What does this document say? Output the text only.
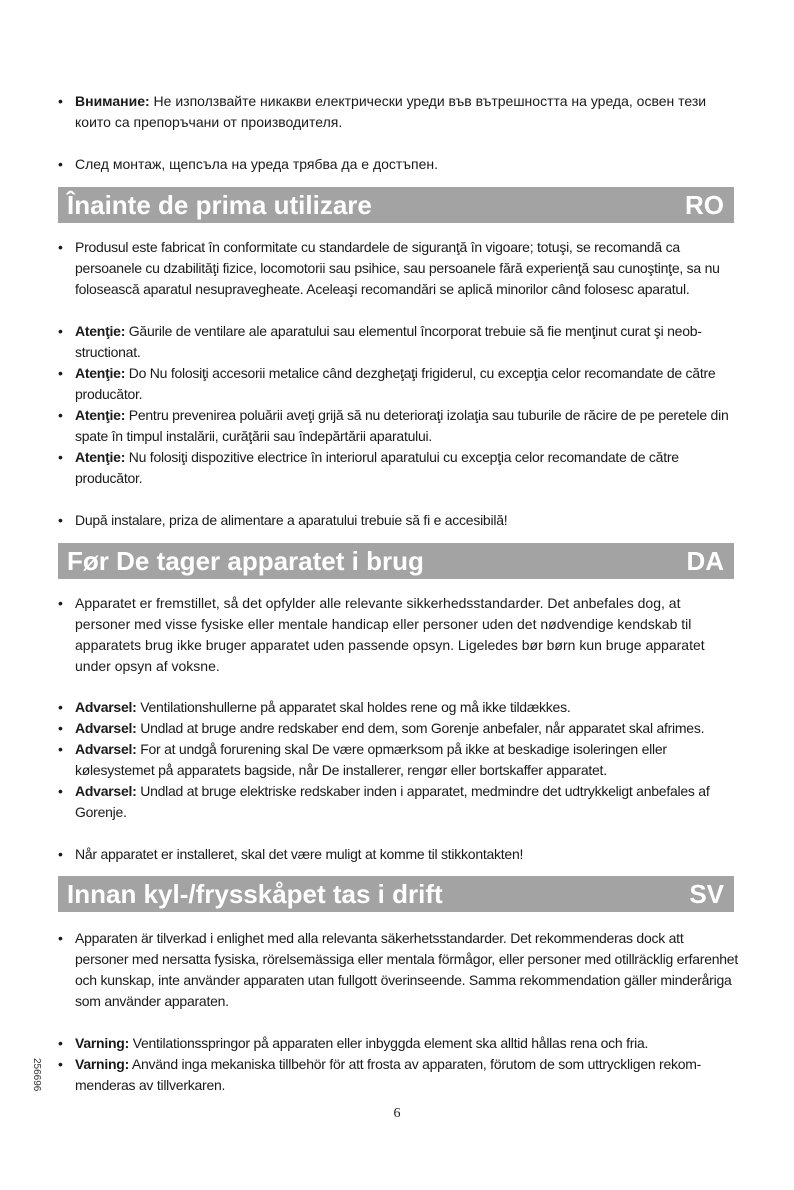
• Внимание: Не използвайте никакви електрически уреди във вътрешността на уреда, освен тези които са препоръчани от производителя.
• След монтаж, щепсъла на уреда трябва да е достъпен.
Înainte de prima utilizare	RO
• Produsul este fabricat în conformitate cu standardele de siguranţă în vigoare; totuşi, se recomandă ca persoanele cu dzabilităţi fizice, locomotorii sau psihice, sau persoanele fără experienţă sau cunoştinţe, sa nu folosească aparatul nesupravegheate. Aceleaşi recomandări se aplică minorilor când folosesc aparatul.
• Atenţie: Găurile de ventilare ale aparatului sau elementul încorporat trebuie să fie menţinut curat şi neob-structionat.
• Atenţie: Do Nu folosiţi accesorii metalice când dezgheţaţi frigiderul, cu excepţia celor recomandate de către producător.
• Atenţie: Pentru prevenirea poluării aveţi grijă să nu deterioraţi izolaţia sau tuburile de răcire de pe peretele din spate în timpul instalării, curăţării sau îndepărtării aparatului.
• Atenţie: Nu folosiţi dispozitive electrice în interiorul aparatului cu excepţia celor recomandate de către producător.
• După instalare, priza de alimentare a aparatului trebuie să fi e accesibilă!
Før De tager apparatet i brug	DA
• Apparatet er fremstillet, så det opfylder alle relevante sikkerhedsstandarder. Det anbefales dog, at personer med visse fysiske eller mentale handicap eller personer uden det nødvendige kendskab til apparatets brug ikke bruger apparatet uden passende opsyn. Ligeledes bør børn kun bruge apparatet under opsyn af voksne.
• Advarsel: Ventilationshullerne på apparatet skal holdes rene og må ikke tildækkes.
• Advarsel: Undlad at bruge andre redskaber end dem, som Gorenje anbefaler, når apparatet skal afrimes.
• Advarsel: For at undgå forurening skal De være opmærksom på ikke at beskadige isoleringen eller kølesystemet på apparatets bagside, når De installerer, rengør eller bortskaffer apparatet.
• Advarsel: Undlad at bruge elektriske redskaber inden i apparatet, medmindre det udtrykkeligt anbefales af Gorenje.
• Når apparatet er installeret, skal det være muligt at komme til stikkontakten!
Innan kyl-/frysskåpet tas i drift	SV
• Apparaten är tilverkad i enlighet med alla relevanta säkerhetsstandarder. Det rekommenderas dock att personer med nersatta fysiska, rörelsemässiga eller mentala förmågor, eller personer med otillräcklig erfarenhet och kunskap, inte använder apparaten utan fullgott överinseende. Samma rekommendation gäller minderåriga som använder apparaten.
• Varning: Ventilationsspringor på apparaten eller inbyggda element ska alltid hållas rena och fria.
• Varning: Använd inga mekaniska tillbehör för att frosta av apparaten, förutom de som uttryckligen rekom-menderas av tillverkaren.
256696
6
